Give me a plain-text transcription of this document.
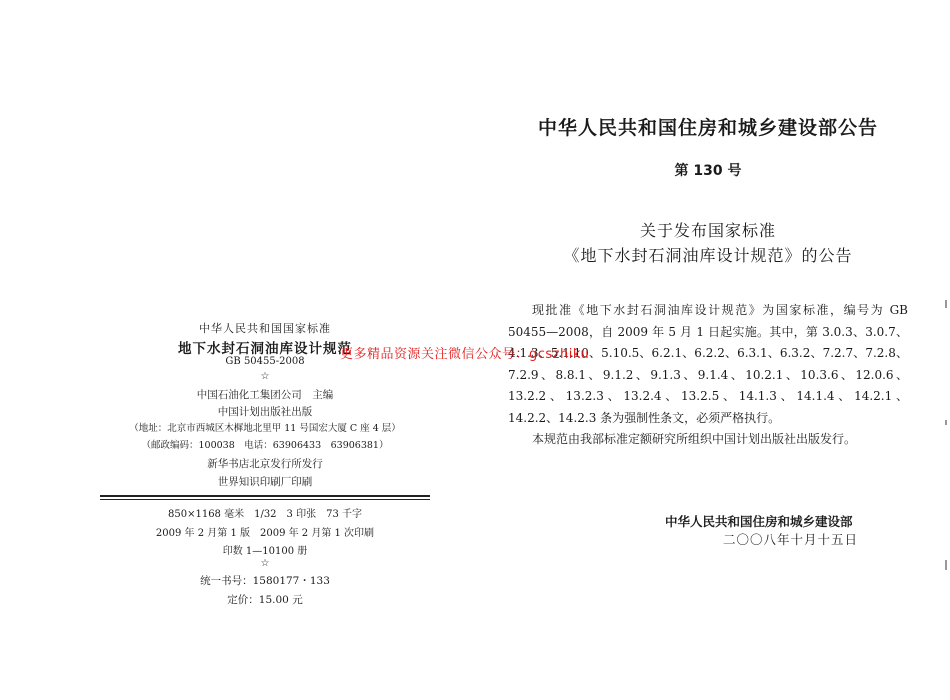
中华人民共和国国家标准
地下水封石洞油库设计规范
GB 50455-2008
☆
中国石油化工集团公司　主编
中国计划出版社出版
（地址：北京市西城区木樨地北里甲 11 号国宏大厦 C 座 4 层）
（邮政编码：100038　电话：63906433　63906381）
新华书店北京发行所发行
世界知识印刷厂印刷
850×1168 毫米　1/32　3 印张　73 千字
2009 年 2 月第 1 版　2009 年 2 月第 1 次印刷
印数 1—10100 册
☆
统一书号：1580177・133
定价：15.00 元
中华人民共和国住房和城乡建设部公告
第 130 号
关于发布国家标准
《地下水封石洞油库设计规范》的公告

现批准《地下水封石洞油库设计规范》为国家标准，编号为 GB 50455—2008，自 2009 年 5 月 1 日起实施。其中，第 3.0.3、3.0.7、4.1.3、5.1.10、5.10.5、6.2.1、6.2.2、6.3.1、6.3.2、7.2.7、7.2.8、7.2.9、8.8.1、9.1.2、9.1.3、9.1.4、10.2.1、10.3.6、12.0.6、13.2.2、13.2.3、13.2.4、13.2.5、14.1.3、14.1.4、14.2.1、14.2.2、14.2.3 条为强制性条文，必须严格执行。

本规范由我部标准定额研究所组织中国计划出版社出版发行。

中华人民共和国住房和城乡建设部
二〇〇八年十月十五日
更多精品资源关注微信公众号：gcszhiku
